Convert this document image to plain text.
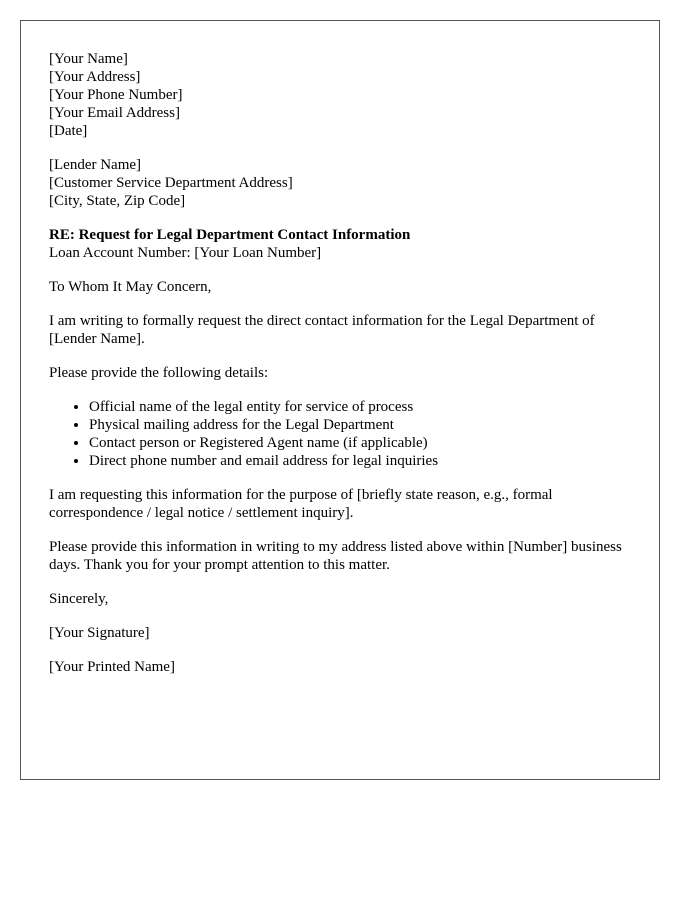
[Your Name]
[Your Address]
[Your Phone Number]
[Your Email Address]
[Date]
[Lender Name]
[Customer Service Department Address]
[City, State, Zip Code]
RE: Request for Legal Department Contact Information
Loan Account Number: [Your Loan Number]

To Whom It May Concern,

I am writing to formally request the direct contact information for the Legal Department of [Lender Name].

Please provide the following details:

• Official name of the legal entity for service of process
• Physical mailing address for the Legal Department
• Contact person or Registered Agent name (if applicable)
• Direct phone number and email address for legal inquiries

I am requesting this information for the purpose of [briefly state reason, e.g., formal correspondence / legal notice / settlement inquiry].

Please provide this information in writing to my address listed above within [Number] business days. Thank you for your prompt attention to this matter.

Sincerely,

[Your Signature]

[Your Printed Name]
